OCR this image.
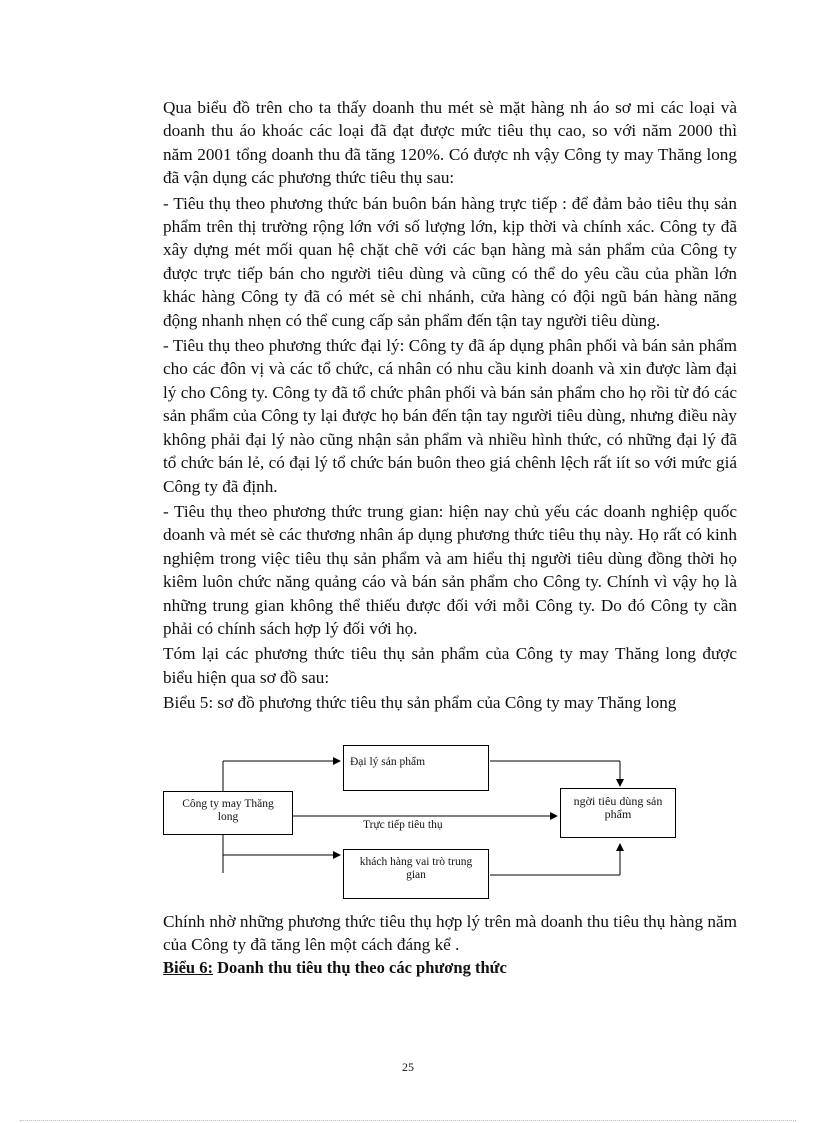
Qua biểu đồ trên cho ta thấy doanh thu mét sè mặt hàng nh áo sơ mi các loại và doanh thu áo khoác các loại đã đạt được mức tiêu thụ cao, so với năm 2000 thì năm 2001 tổng doanh thu đã tăng 120%. Có được nh vậy Công ty may Thăng long đã vận dụng các phương thức tiêu thụ sau:

- Tiêu thụ theo phương thức bán buôn bán hàng trực tiếp : để đảm bảo tiêu thụ sản phẩm trên thị trường rộng lớn với số lượng lớn, kịp thời và chính xác. Công ty đã xây dựng mét mối quan hệ chặt chẽ với các bạn hàng mà sản phẩm của Công ty được trực tiếp bán cho người tiêu dùng và cũng có thể do yêu cầu của phần lớn khác hàng Công ty đã có mét sè chi nhánh, cửa hàng có đội ngũ bán hàng năng động nhanh nhẹn có thể cung cấp sản phẩm đến tận tay người tiêu dùng.

- Tiêu thụ theo phương thức đại lý: Công ty đã áp dụng phân phối và bán sản phẩm cho các đôn vị và các tổ chức, cá nhân có nhu cầu kinh doanh và xin được làm đại lý cho Công ty. Công ty đã tổ chức phân phối và bán sản phẩm cho họ rồi từ đó các sản phẩm của Công ty lại được họ bán đến tận tay người tiêu dùng, nhưng điều này không phải đại lý nào cũng nhận sản phẩm và nhiều hình thức, có những đại lý đã tổ chức bán lẻ, có đại lý tổ chức bán buôn theo giá chênh lệch rất iít so với mức giá Công ty đã định.

- Tiêu thụ theo phương thức trung gian: hiện nay chủ yếu các doanh nghiệp quốc doanh và mét sè các thương nhân áp dụng phương thức tiêu thụ này. Họ rất có kinh nghiệm trong việc tiêu thụ sản phẩm và am hiểu thị người tiêu dùng đồng thời họ kiêm luôn chức năng quảng cáo và bán sản phẩm cho Công ty. Chính vì vậy họ là những trung gian không thể thiếu được đối với mỗi Công ty. Do đó Công ty cần phải có chính sách hợp lý đối với họ.

Tóm lại các phương thức tiêu thụ sản phẩm của Công ty may Thăng long được biểu hiện qua sơ đồ sau:

Biểu 5: sơ đồ phương thức tiêu thụ sản phẩm của Công ty may Thăng long

Đại lý sản phẩm
Công ty may Thăng long
ngời tiêu dùng sản phẩm
khách hàng vai trò trung gian
Trực tiếp tiêu thụ

Chính nhờ những phương thức tiêu thụ hợp lý trên mà doanh thu tiêu thụ hàng năm của Công ty đã tăng lên một cách đáng kể .

Biểu 6: Doanh thu tiêu thụ theo các phương thức
25
